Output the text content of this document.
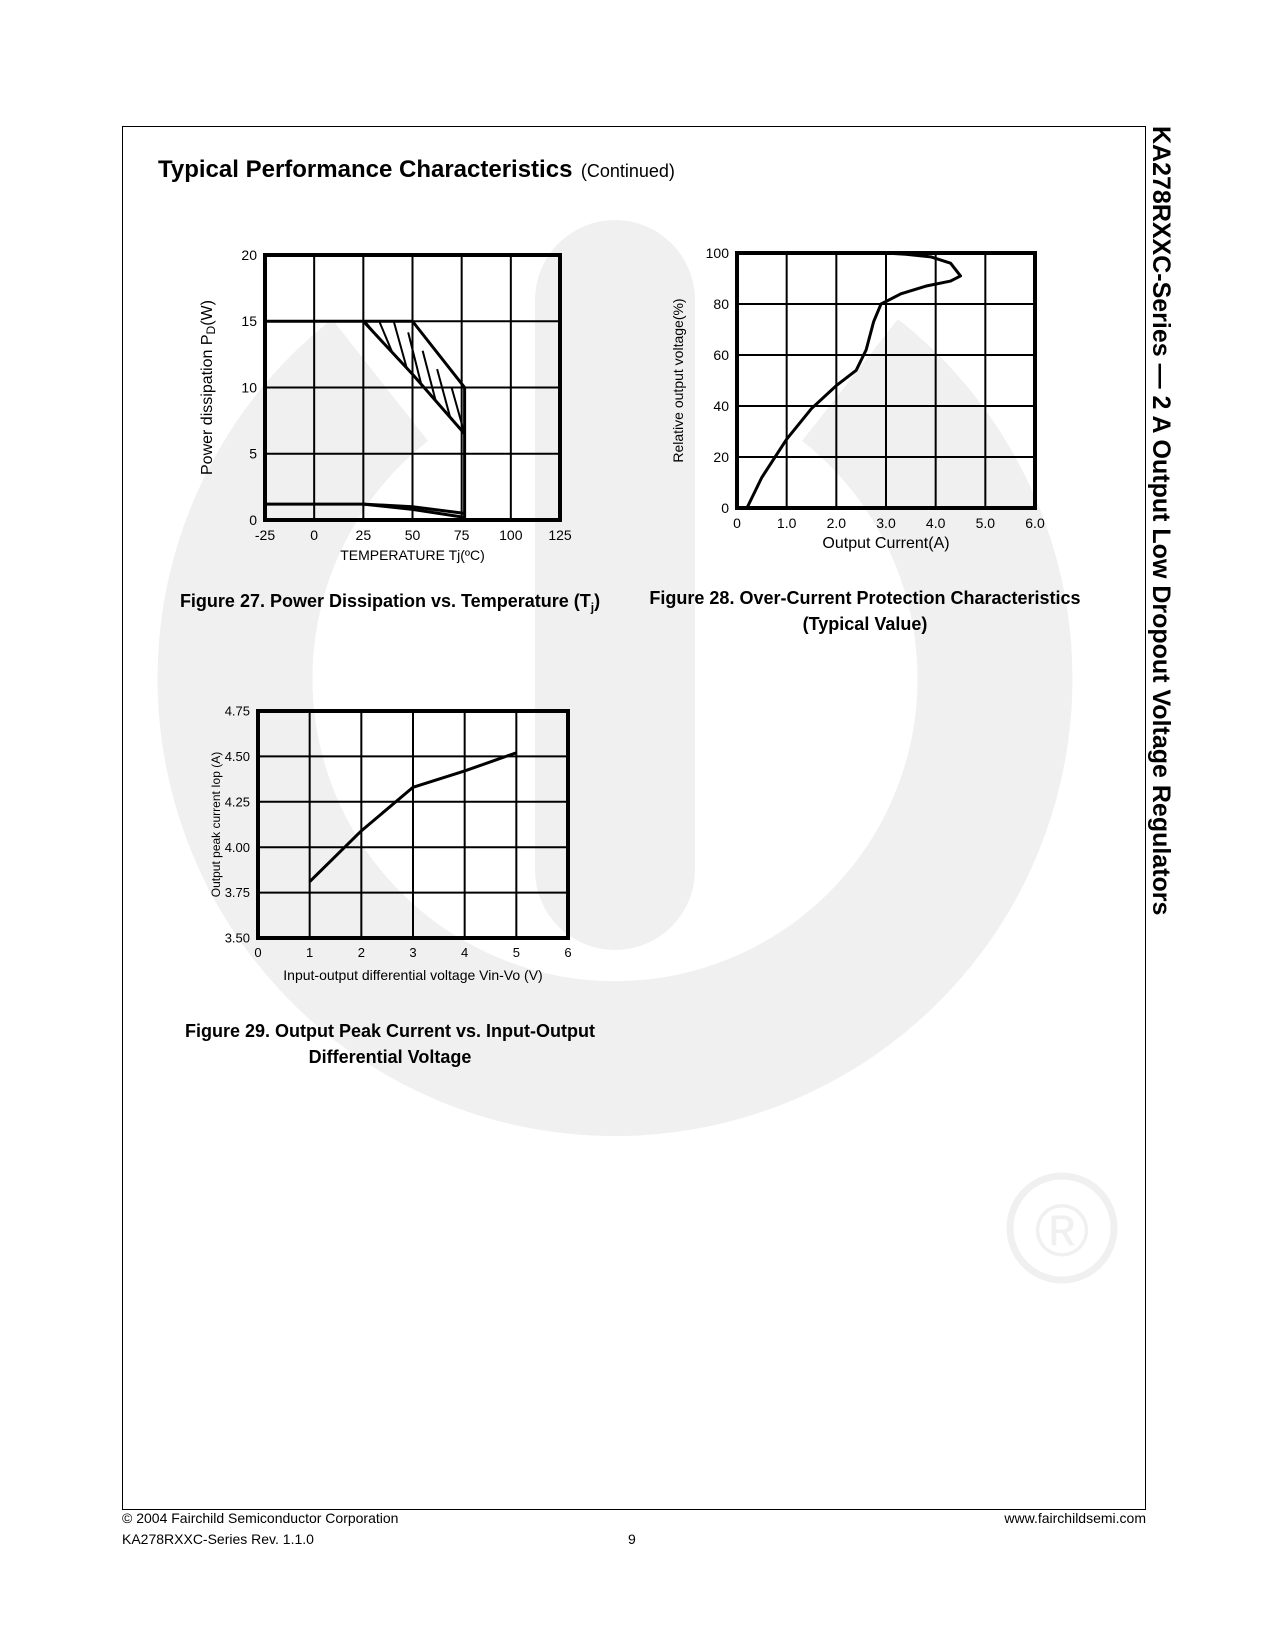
®
KA278RXXC-Series — 2 A Output Low Dropout Voltage Regulators
Typical Performance Characteristics (Continued)
-25	0	25 50 75 100 125
0
5
10
15
20
TEMPERATURE Tj(ºC)
Power dissipation PD(W)
0	1.0 2.0 3.0 4.0 5.0 6.0
0
20
40
60
80
100
Output Current(A)
Relative output voltage(%)
0	1	2	3	4	5	6
3.50
3.75
4.00
4.25
4.50
4.75
Input-output differential voltage Vin-Vo (V)
Output peak current Iop (A)
Figure 27. Power Dissipation vs. Temperature $(T_j)$	Figure 28. Over-Current Protection Characteristics
(Typical Value)
Figure 29. Output Peak Current vs. Input-Output
Differential Voltage
© 2004 Fairchild Semiconductor Corporation
KA278RXXC-Series Rev. 1.1.0	9
www.fairchildsemi.com
